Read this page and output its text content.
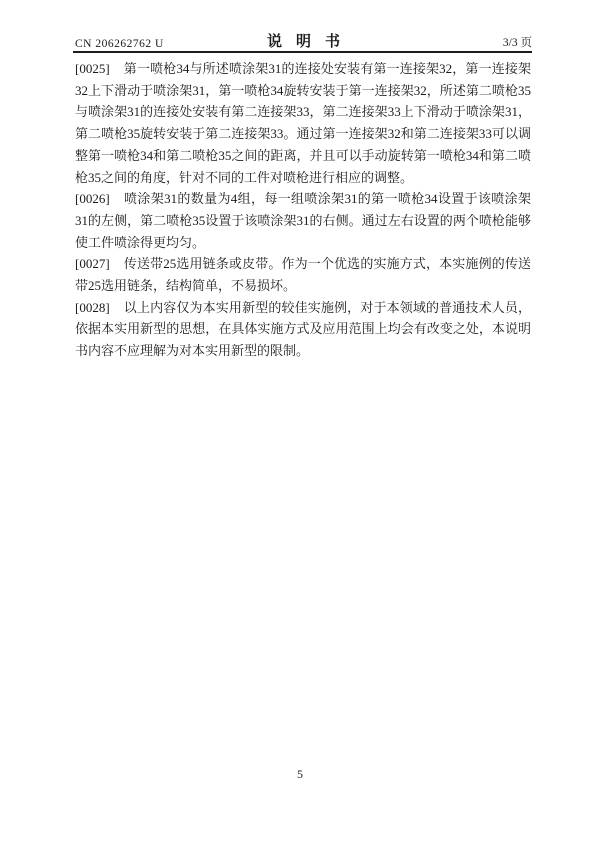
CN 206262762 U	说明书	3/3 页

[0025] 第一喷枪34与所述喷涂架31的连接处安装有第一连接架32，第一连接架32上下滑动于喷涂架31，第一喷枪34旋转安装于第一连接架32，所述第二喷枪35与喷涂架31的连接处安装有第二连接架33，第二连接架33上下滑动于喷涂架31，第二喷枪35旋转安装于第二连接架33。通过第一连接架32和第二连接架33可以调整第一喷枪34和第二喷枪35之间的距离，并且可以手动旋转第一喷枪34和第二喷枪35之间的角度，针对不同的工件对喷枪进行相应的调整。

[0026] 喷涂架31的数量为4组，每一组喷涂架31的第一喷枪34设置于该喷涂架31的左侧，第二喷枪35设置于该喷涂架31的右侧。通过左右设置的两个喷枪能够使工件喷涂得更均匀。

[0027] 传送带25选用链条或皮带。作为一个优选的实施方式，本实施例的传送带25选用链条，结构简单，不易损坏。

[0028] 以上内容仅为本实用新型的较佳实施例，对于本领域的普通技术人员，依据本实用新型的思想，在具体实施方式及应用范围上均会有改变之处，本说明书内容不应理解为对本实用新型的限制。

5
